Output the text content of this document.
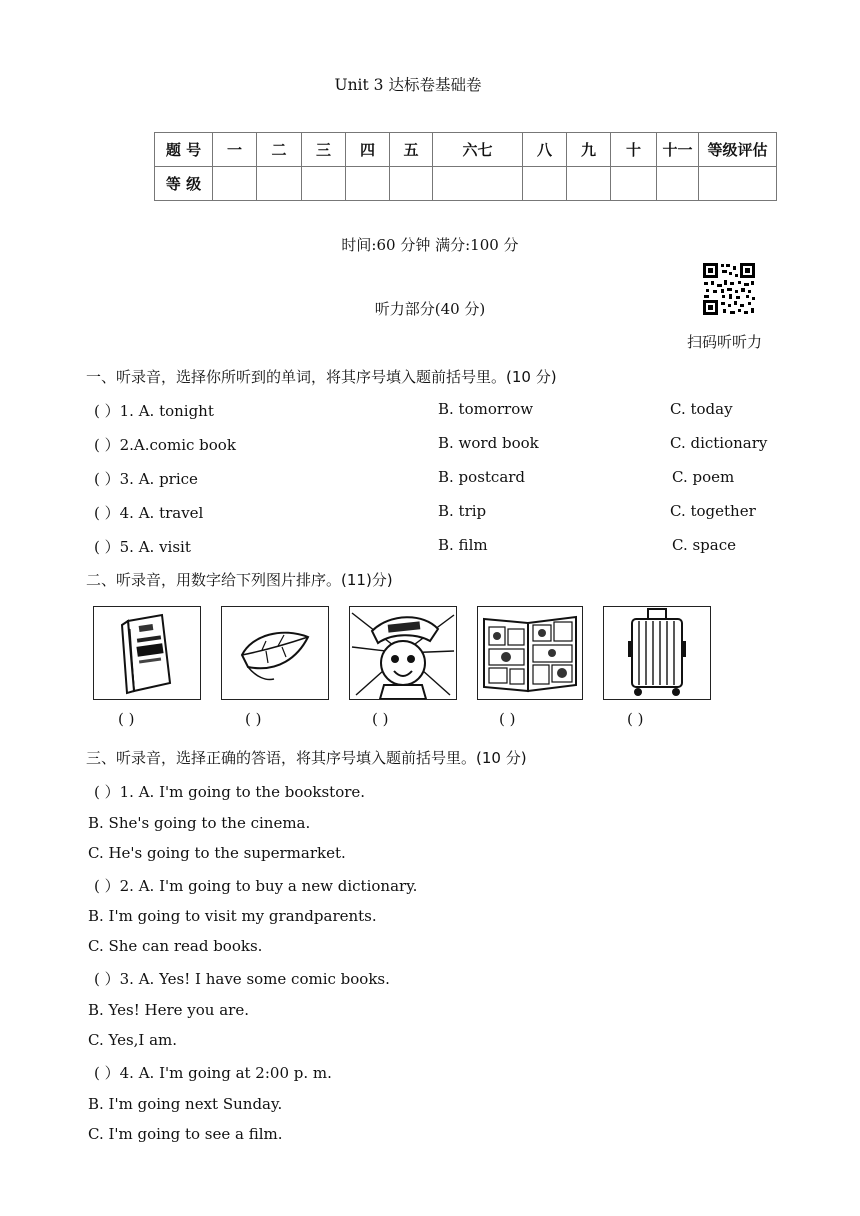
Unit 3 达标卷基础卷
题 号	一	二	三	四	五	六七	八	九	十	十一	等级评估
等 级											
时间:60 分钟 满分:100 分
听力部分(40 分)
扫码听听力
一、听录音，选择你所听到的单词，将其序号填入题前括号里。(10 分)
( ）1. A. tonight	B. tomorrow	C. today
( ）2.A.comic book	B. word book	C. dictionary
( ）3. A. price	B. postcard	C. poem
( ）4. A. travel	B. trip	C. together
( ）5. A. visit	B. film	C. space
二、听录音，用数字给下列图片排序。(11)分)
( )	( )	( )	( )	( )
三、听录音，选择正确的答语，将其序号填入题前括号里。(10 分)
( ）1. A. I'm going to the bookstore.
B. She's going to the cinema.
C. He's going to the supermarket.
( ）2. A. I'm going to buy a new dictionary.
B. I'm going to visit my grandparents.
C. She can read books.
( ）3. A. Yes! I have some comic books.
B. Yes! Here you are.
C. Yes,I am.
( ）4. A. I'm going at 2:00 p. m.
B. I'm going next Sunday.
C. I'm going to see a film.
